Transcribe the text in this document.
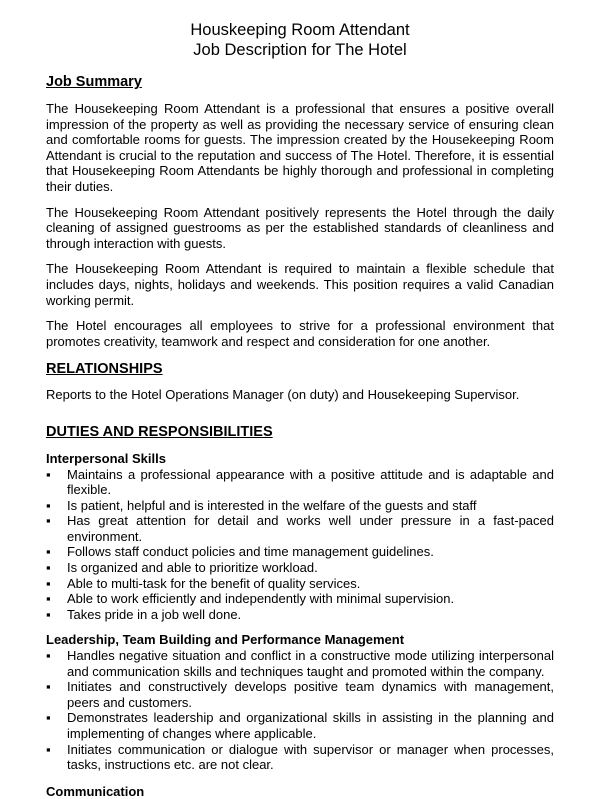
Houskeeping Room Attendant
Job Description for The Hotel
Job Summary

The Housekeeping Room Attendant is a professional that ensures a positive overall impression of the property as well as providing the necessary service of ensuring clean and comfortable rooms for guests. The impression created by the Housekeeping Room Attendant is crucial to the reputation and success of The Hotel. Therefore, it is essential that Housekeeping Room Attendants be highly thorough and professional in completing their duties.

The Housekeeping Room Attendant positively represents the Hotel through the daily cleaning of assigned guestrooms as per the established standards of cleanliness and through interaction with guests.

The Housekeeping Room Attendant is required to maintain a flexible schedule that includes days, nights, holidays and weekends. This position requires a valid Canadian working permit.

The Hotel encourages all employees to strive for a professional environment that promotes creativity, teamwork and respect and consideration for one another.

RELATIONSHIPS

Reports to the Hotel Operations Manager (on duty) and Housekeeping Supervisor.

DUTIES AND RESPONSIBILITIES
Interpersonal Skills
▪	Maintains a professional appearance with a positive attitude and is adaptable and flexible.
▪	Is patient, helpful and is interested in the welfare of the guests and staff
▪	Has great attention for detail and works well under pressure in a fast-paced environment.
▪	Follows staff conduct policies and time management guidelines.
▪	Is organized and able to prioritize workload.
▪	Able to multi-task for the benefit of quality services.
▪	Able to work efficiently and independently with minimal supervision.
▪	Takes pride in a job well done.
Leadership, Team Building and Performance Management
▪	Handles negative situation and conflict in a constructive mode utilizing interpersonal and communication skills and techniques taught and promoted within the company.
▪	Initiates and constructively develops positive team dynamics with management, peers and customers.
▪	Demonstrates leadership and organizational skills in assisting in the planning and implementing of changes where applicable.
▪	Initiates communication or dialogue with supervisor or manager when processes, tasks, instructions etc. are not clear.
Communication
